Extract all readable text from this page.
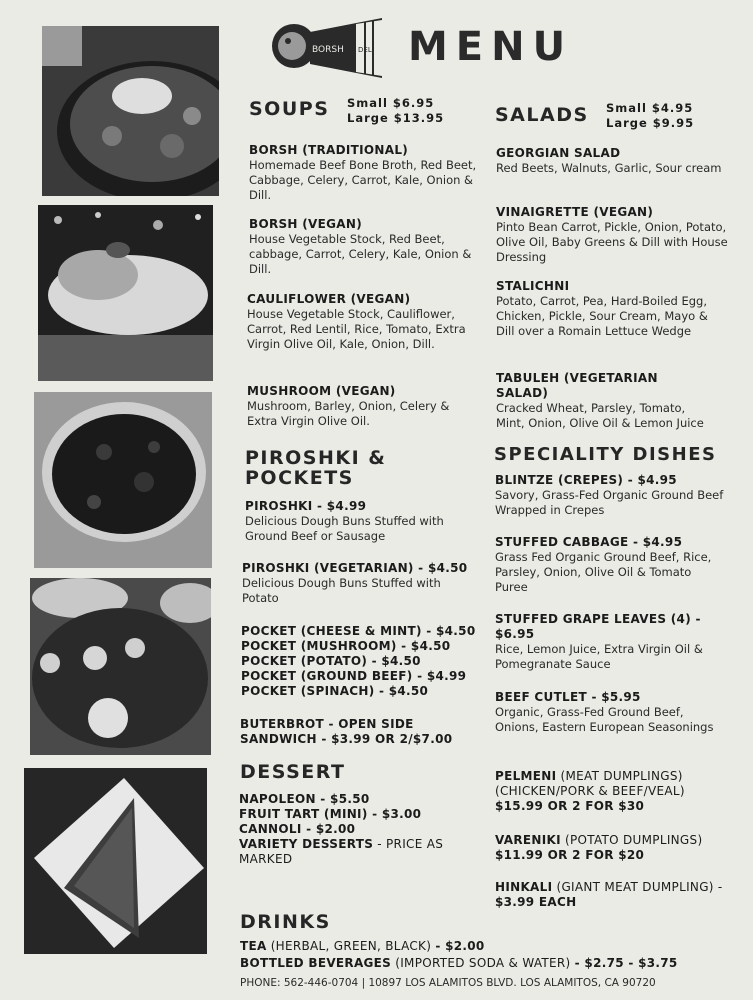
BORSH DELI MENU
SOUPS Small $6.95
Large $13.95
BORSH (TRADITIONAL)
Homemade Beef Bone Broth, Red Beet, Cabbage, Celery, Carrot, Kale, Onion & Dill.
BORSH (VEGAN)
House Vegetable Stock, Red Beet, cabbage, Carrot, Celery, Kale, Onion & Dill.
CAULIFLOWER (VEGAN)
House Vegetable Stock, Cauliflower, Carrot, Red Lentil, Rice, Tomato, Extra Virgin Olive Oil, Kale, Onion, Dill.
MUSHROOM (VEGAN)
Mushroom, Barley, Onion, Celery & Extra Virgin Olive Oil.
PIROSHKI &
POCKETS
PIROSHKI - $4.99
Delicious Dough Buns Stuffed with Ground Beef or Sausage
PIROSHKI (VEGETARIAN) - $4.50
Delicious Dough Buns Stuffed with Potato
POCKET (CHEESE & MINT) - $4.50
POCKET (MUSHROOM) - $4.50
POCKET (POTATO) - $4.50
POCKET (GROUND BEEF) - $4.99
POCKET (SPINACH) - $4.50
BUTERBROT - OPEN SIDE
SANDWICH - $3.99 OR 2/$7.00
DESSERT
NAPOLEON - $5.50
FRUIT TART (MINI) - $3.00
CANNOLI - $2.00
VARIETY DESSERTS - PRICE AS
MARKED
DRINKS
TEA (HERBAL, GREEN, BLACK) - $2.00
BOTTLED BEVERAGES (IMPORTED SODA & WATER) - $2.75 - $3.75
SALADS Small $4.95
Large $9.95
GEORGIAN SALAD
Red Beets, Walnuts, Garlic, Sour cream
VINAIGRETTE (VEGAN)
Pinto Bean Carrot, Pickle, Onion, Potato, Olive Oil, Baby Greens & Dill with House Dressing
STALICHNI
Potato, Carrot, Pea, Hard-Boiled Egg, Chicken, Pickle, Sour Cream, Mayo & Dill over a Romain Lettuce Wedge
TABULEH (VEGETARIAN SALAD)
Cracked Wheat, Parsley, Tomato, Mint, Onion, Olive Oil & Lemon Juice
SPECIALITY DISHES
BLINTZE (CREPES) - $4.95
Savory, Grass-Fed Organic Ground Beef Wrapped in Crepes
STUFFED CABBAGE - $4.95
Grass Fed Organic Ground Beef, Rice, Parsley, Onion, Olive Oil & Tomato Puree
STUFFED GRAPE LEAVES (4) - $6.95
Rice, Lemon Juice, Extra Virgin Oil & Pomegranate Sauce
BEEF CUTLET - $5.95
Organic, Grass-Fed Ground Beef, Onions, Eastern European Seasonings
PELMENI (MEAT DUMPLINGS)
(CHICKEN/PORK & BEEF/VEAL)
$15.99 OR 2 FOR $30
VARENIKI (POTATO DUMPLINGS)
$11.99 OR 2 FOR $20
HINKALI (GIANT MEAT DUMPLING) -
$3.99 EACH
PHONE: 562-446-0704 | 10897 LOS ALAMITOS BLVD. LOS ALAMITOS, CA 90720
